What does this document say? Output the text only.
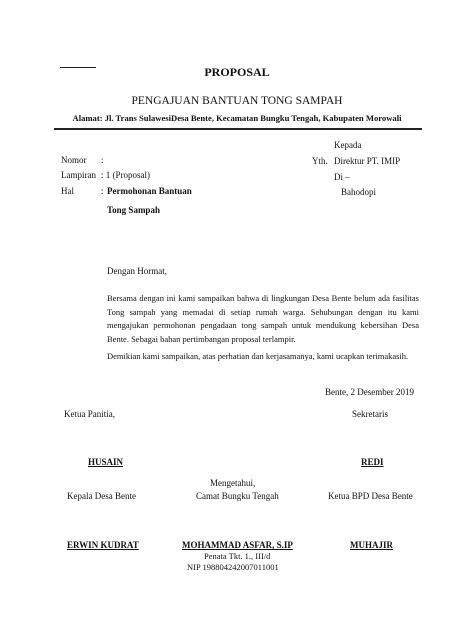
PROPOSAL
PENGAJUAN BANTUAN TONG SAMPAH
Alamat: Jl. Trans SulawesiDesa Bente, Kecamatan Bungku Tengah, Kabupaten Morowali
Kepada
Yth. Direktur PT. IMIP
Di –
Bahodopi
Nomor :
Lampiran : 1 (Proposal)
Hal	: Permohonan Bantuan
Tong Sampah
Dengan Hormat,
Bersama dengan ini kami sampaikan bahwa di lingkungan Desa Bente belum ada fasilitas Tong sampah yang memadai di setiap rumah warga. Sehubungan dengan itu kami mengajukan permohonan pengadaan tong sampah untuk mendukung kebersihan Desa Bente. Sebagai bahan pertimbangan proposal terlampir.
Demikian kami sampaikan, atas perhatian dan kerjasamanya, kami ucapkan terimakasih.
Bente, 2 Desember 2019
Ketua Panitia,	Sekretaris
HUSAIN	REDI
Mengetahui,
Kepala Desa Bente	Camat Bungku Tengah	Ketua BPD Desa Bente
ERWIN KUDRAT	MOHAMMAD ASFAR, S.IP	MUHAJIR
Penata Tkt. 1., III/d
NIP 198804242007011001
